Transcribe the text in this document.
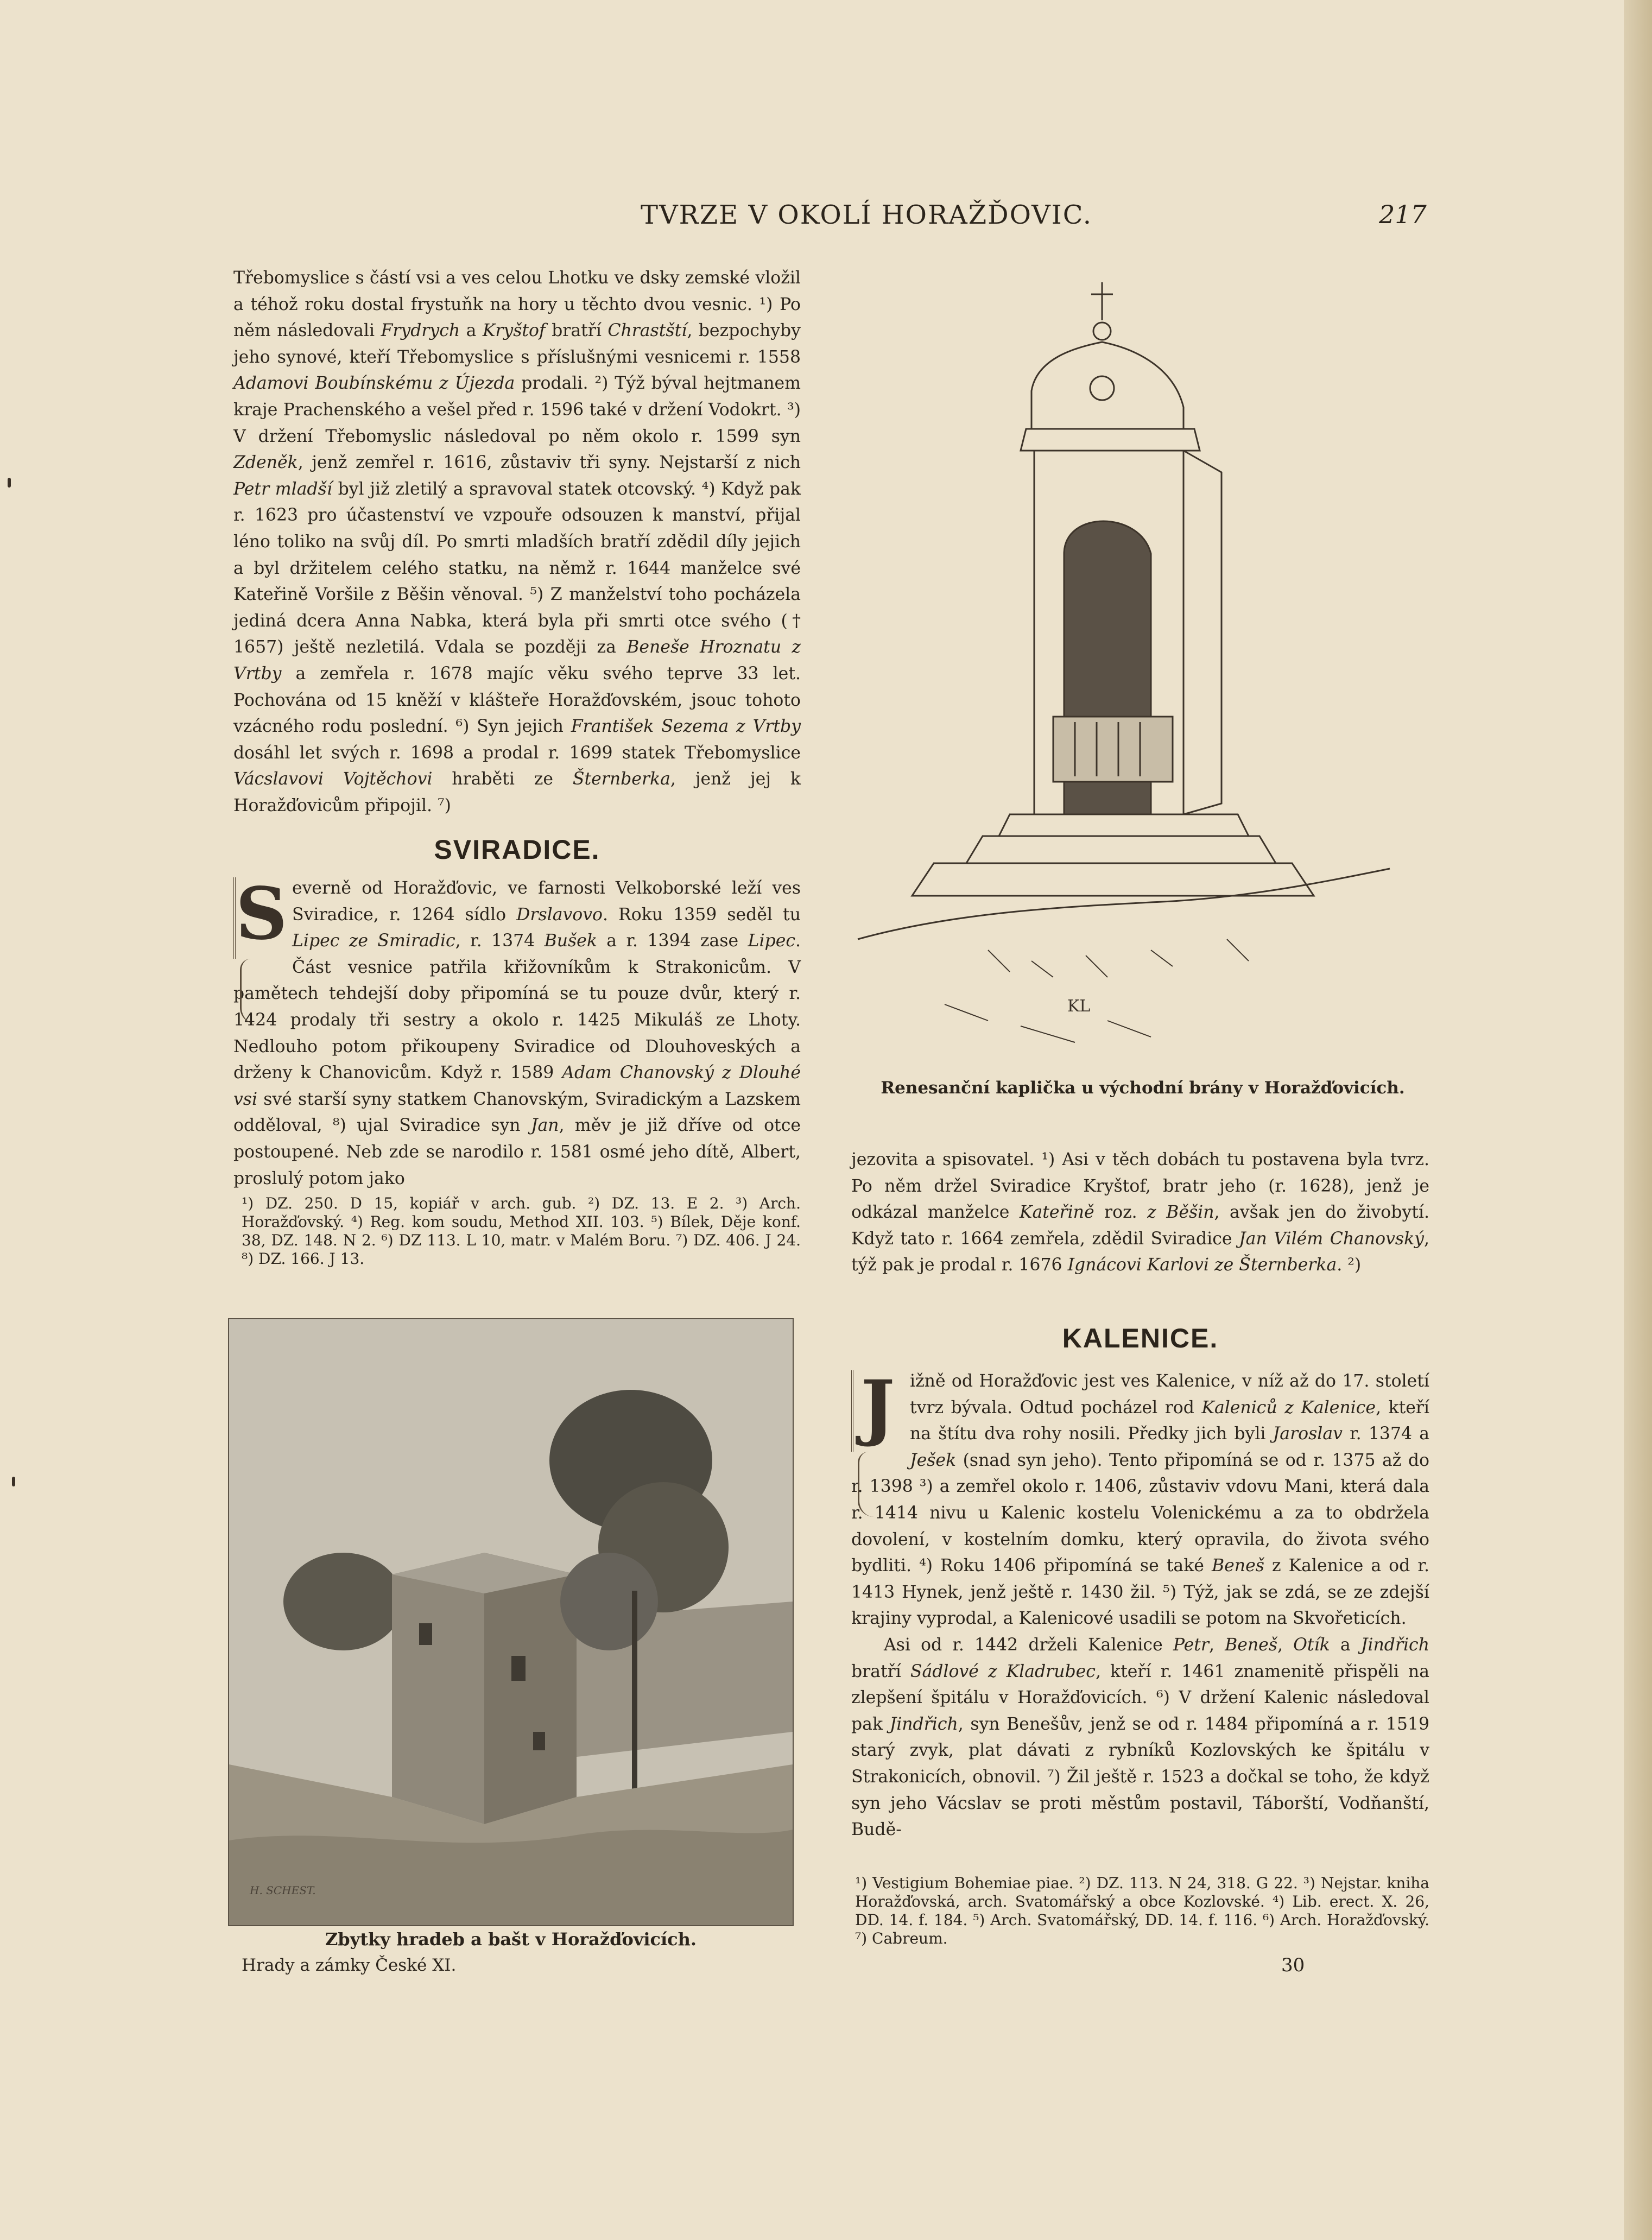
TVRZE V OKOLÍ HORAŽĎOVIC.	217

Třebomyslice s částí vsi a ves celou Lhotku ve dsky zemské vložil a téhož roku dostal frystuňk na hory u těchto dvou vesnic. ¹) Po něm následovali Frydrych a Kryštof bratří Chrastští, bezpochyby jeho synové, kteří Třebomyslice s příslušnými vesnicemi r. 1558 Adamovi Boubínskému z Újezda prodali. ²) Týž býval hejtmanem kraje Prachenského a vešel před r. 1596 také v držení Vodokrt. ³) V držení Třebomyslic následoval po něm okolo r. 1599 syn Zdeněk, jenž zemřel r. 1616, zůstaviv tři syny. Nejstarší z nich Petr mladší byl již zletilý a spravoval statek otcovský. ⁴) Když pak r. 1623 pro účastenství ve vzpouře odsouzen k manství, přijal léno toliko na svůj díl. Po smrti mladších bratří zdědil díly jejich a byl držitelem celého statku, na němž r. 1644 manželce své Kateřině Voršile z Běšin věnoval. ⁵) Z manželství toho pocházela jediná dcera Anna Nabka, která byla při smrti otce svého († 1657) ještě nezletilá. Vdala se později za Beneše Hroznatu z Vrtby a zemřela r. 1678 majíc věku svého teprve 33 let. Pochována od 15 kněží v klášteře Horažďovském, jsouc tohoto vzácného rodu poslední. ⁶) Syn jejich František Sezema z Vrtby dosáhl let svých r. 1698 a prodal r. 1699 statek Třebomyslice Vácslavovi Vojtěchovi hraběti ze Šternberka, jenž jej k Horažďovicům připojil. ⁷)

SVIRADICE.

Severně od Horažďovic, ve farnosti Velkoborské leží ves Sviradice, r. 1264 sídlo Drslavovo. Roku 1359 seděl tu Lipec ze Smiradic, r. 1374 Bušek a r. 1394 zase Lipec. Část vesnice patřila křižovníkům k Strakonicům. V pamětech tehdejší doby připomíná se tu pouze dvůr, který r. 1424 prodaly tři sestry a okolo r. 1425 Mikuláš ze Lhoty. Nedlouho potom přikoupeny Sviradice od Dlouhoveských a drženy k Chanovicům. Když r. 1589 Adam Chanovský z Dlouhé vsi své starší syny statkem Chanovským, Sviradickým a Lazskem odděloval, ⁸) ujal Sviradice syn Jan, měv je již dříve od otce postoupené. Neb zde se narodilo r. 1581 osmé jeho dítě, Albert, proslulý potom jako

¹) DZ. 250. D 15, kopiář v arch. gub. ²) DZ. 13. E 2. ³) Arch. Horažďovský. ⁴) Reg. kom soudu, Method XII. 103. ⁵) Bílek, Děje konf. 38, DZ. 148. N 2. ⁶) DZ 113. L 10, matr. v Malém Boru. ⁷) DZ. 406. J 24. ⁸) DZ. 166. J 13.

H. SCHEST.
Zbytky hradeb a bašt v Horažďovicích.
Hrady a zámky České XI.
KL
Renesanční kaplička u východní brány v Horažďovicích.

jezovita a spisovatel. ¹) Asi v těch dobách tu postavena byla tvrz. Po něm držel Sviradice Kryštof, bratr jeho (r. 1628), jenž je odkázal manželce Kateřině roz. z Běšin, avšak jen do živobytí. Když tato r. 1664 zemřela, zdědil Sviradice Jan Vilém Chanovský, týž pak je prodal r. 1676 Ignácovi Karlovi ze Šternberka. ²)

KALENICE.

Jižně od Horažďovic jest ves Kalenice, v níž až do 17. století tvrz bývala. Odtud pocházel rod Kaleniců z Kalenice, kteří na štítu dva rohy nosili. Předky jich byli Jaroslav r. 1374 a Ješek (snad syn jeho). Tento připomíná se od r. 1375 až do r. 1398 ³) a zemřel okolo r. 1406, zůstaviv vdovu Mani, která dala r. 1414 nivu u Kalenic kostelu Volenickému a za to obdržela dovolení, v kostelním domku, který opravila, do života svého bydliti. ⁴) Roku 1406 připomíná se také Beneš z Kalenice a od r. 1413 Hynek, jenž ještě r. 1430 žil. ⁵) Týž, jak se zdá, se ze zdejší krajiny vyprodal, a Kalenicové usadili se potom na Skvořeticích.

Asi od r. 1442 drželi Kalenice Petr, Beneš, Otík a Jindřich bratří Sádlové z Kladrubec, kteří r. 1461 znamenitě přispěli na zlepšení špitálu v Horažďovicích. ⁶) V držení Kalenic následoval pak Jindřich, syn Benešův, jenž se od r. 1484 připomíná a r. 1519 starý zvyk, plat dávati z rybníků Kozlovských ke špitálu v Strakonicích, obnovil. ⁷) Žil ještě r. 1523 a dočkal se toho, že když syn jeho Vácslav se proti městům postavil, Táborští, Vodňanští, Budě-

¹) Vestigium Bohemiae piae. ²) DZ. 113. N 24, 318. G 22. ³) Nejstar. kniha Horažďovská, arch. Svatomářský a obce Kozlovské. ⁴) Lib. erect. X. 26, DD. 14. f. 184. ⁵) Arch. Svatomářský, DD. 14. f. 116. ⁶) Arch. Horažďovský. ⁷) Cabreum.

30
